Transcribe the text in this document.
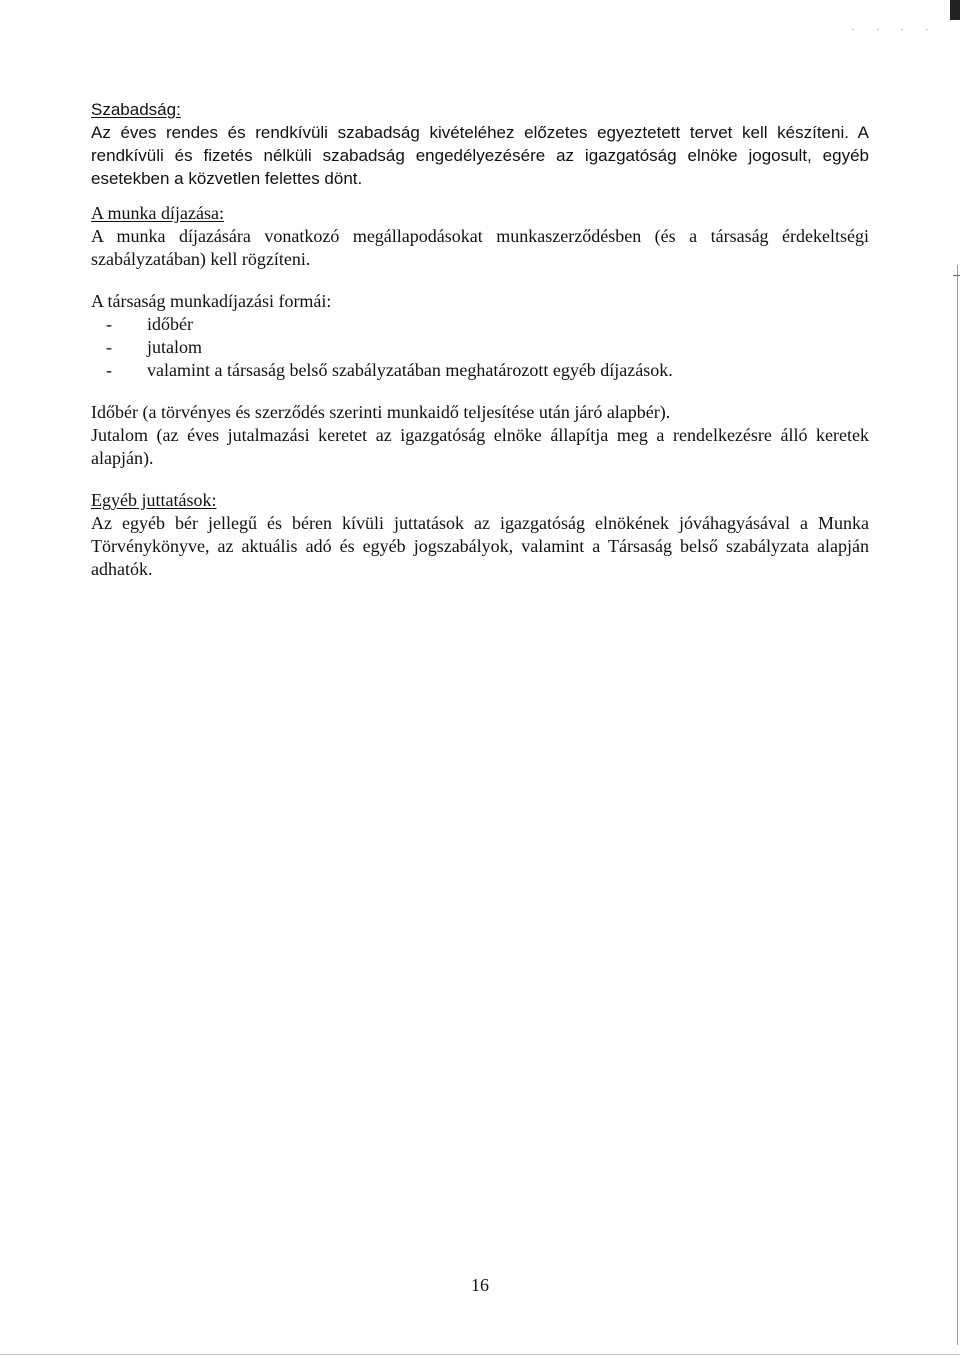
. . . .
Szabadság:

Az éves rendes és rendkívüli szabadság kivételéhez előzetes egyeztetett tervet kell készíteni. A rendkívüli és fizetés nélküli szabadság engedélyezésére az igazgatóság elnöke jogosult, egyéb esetekben a közvetlen felettes dönt.

A munka díjazása:

A munka díjazására vonatkozó megállapodásokat munkaszerződésben (és a társaság érdekeltségi szabályzatában) kell rögzíteni.

A társaság munkadíjazási formái:

- időbér
- jutalom
- valamint a társaság belső szabályzatában meghatározott egyéb díjazások.

Időbér (a törvényes és szerződés szerinti munkaidő teljesítése után járó alapbér).

Jutalom (az éves jutalmazási keretet az igazgatóság elnöke állapítja meg a rendelkezésre álló keretek alapján).

Egyéb juttatások:

Az egyéb bér jellegű és béren kívüli juttatások az igazgatóság elnökének jóváhagyásával a Munka Törvénykönyve, az aktuális adó és egyéb jogszabályok, valamint a Társaság belső szabályzata alapján adhatók.

16
